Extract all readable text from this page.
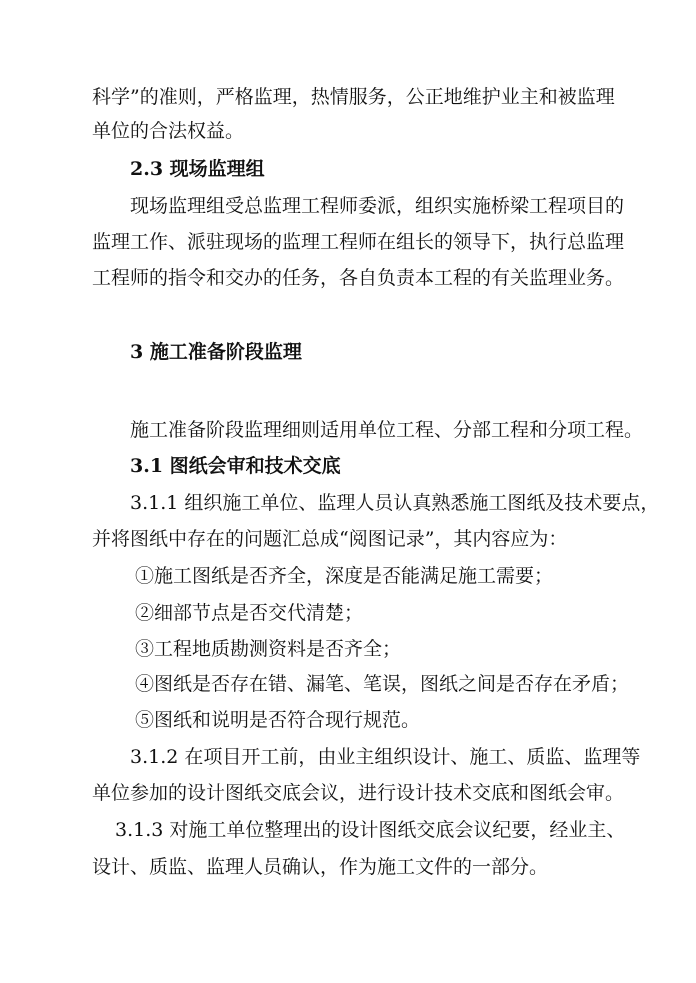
科学”的准则，严格监理，热情服务，公正地维护业主和被监理
单位的合法权益。
2.3 现场监理组
现场监理组受总监理工程师委派，组织实施桥梁工程项目的
监理工作、派驻现场的监理工程师在组长的领导下，执行总监理
工程师的指令和交办的任务，各自负责本工程的有关监理业务。
3 施工准备阶段监理
施工准备阶段监理细则适用单位工程、分部工程和分项工程。
3.1 图纸会审和技术交底
3.1.1 组织施工单位、监理人员认真熟悉施工图纸及技术要点，
并将图纸中存在的问题汇总成“阅图记录”，其内容应为：
①施工图纸是否齐全，深度是否能满足施工需要；
②细部节点是否交代清楚；
③工程地质勘测资料是否齐全；
④图纸是否存在错、漏笔、笔误，图纸之间是否存在矛盾；
⑤图纸和说明是否符合现行规范。
3.1.2 在项目开工前，由业主组织设计、施工、质监、监理等
单位参加的设计图纸交底会议，进行设计技术交底和图纸会审。
3.1.3 对施工单位整理出的设计图纸交底会议纪要，经业主、
设计、质监、监理人员确认，作为施工文件的一部分。
